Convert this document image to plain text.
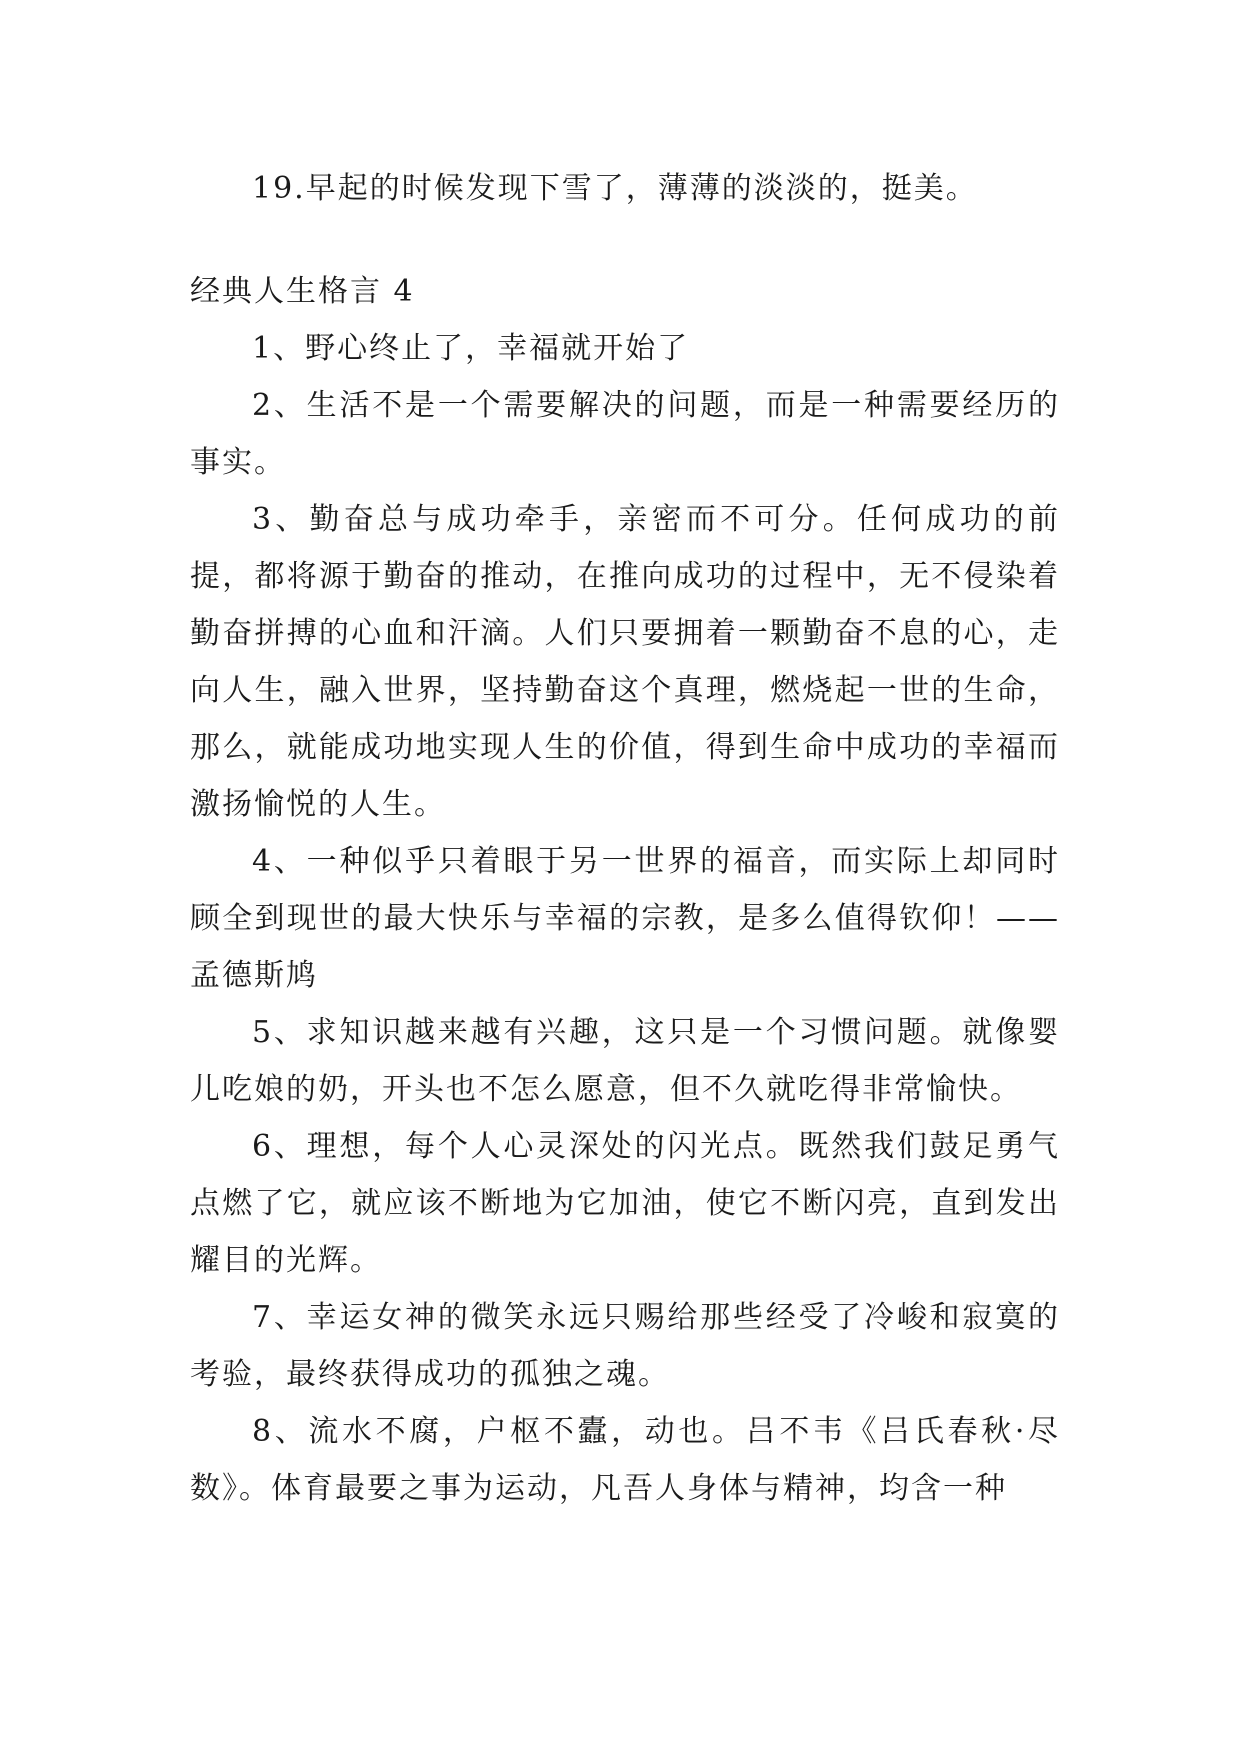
19.早起的时候发现下雪了，薄薄的淡淡的，挺美。

经典人生格言 4

1、野心终止了，幸福就开始了

2、生活不是一个需要解决的问题，而是一种需要经历的事实。

3、勤奋总与成功牵手，亲密而不可分。任何成功的前提，都将源于勤奋的推动，在推向成功的过程中，无不侵染着勤奋拼搏的心血和汗滴。人们只要拥着一颗勤奋不息的心，走向人生，融入世界，坚持勤奋这个真理，燃烧起一世的生命，那么，就能成功地实现人生的价值，得到生命中成功的幸福而激扬愉悦的人生。

4、一种似乎只着眼于另一世界的福音，而实际上却同时顾全到现世的最大快乐与幸福的宗教，是多么值得钦仰！——孟德斯鸠

5、求知识越来越有兴趣，这只是一个习惯问题。就像婴儿吃娘的奶，开头也不怎么愿意，但不久就吃得非常愉快。

6、理想，每个人心灵深处的闪光点。既然我们鼓足勇气点燃了它，就应该不断地为它加油，使它不断闪亮，直到发出耀目的光辉。

7、幸运女神的微笑永远只赐给那些经受了冷峻和寂寞的考验，最终获得成功的孤独之魂。

8、流水不腐，户枢不蠹，动也。吕不韦《吕氏春秋·尽数》。体育最要之事为运动，凡吾人身体与精神，均含一种
